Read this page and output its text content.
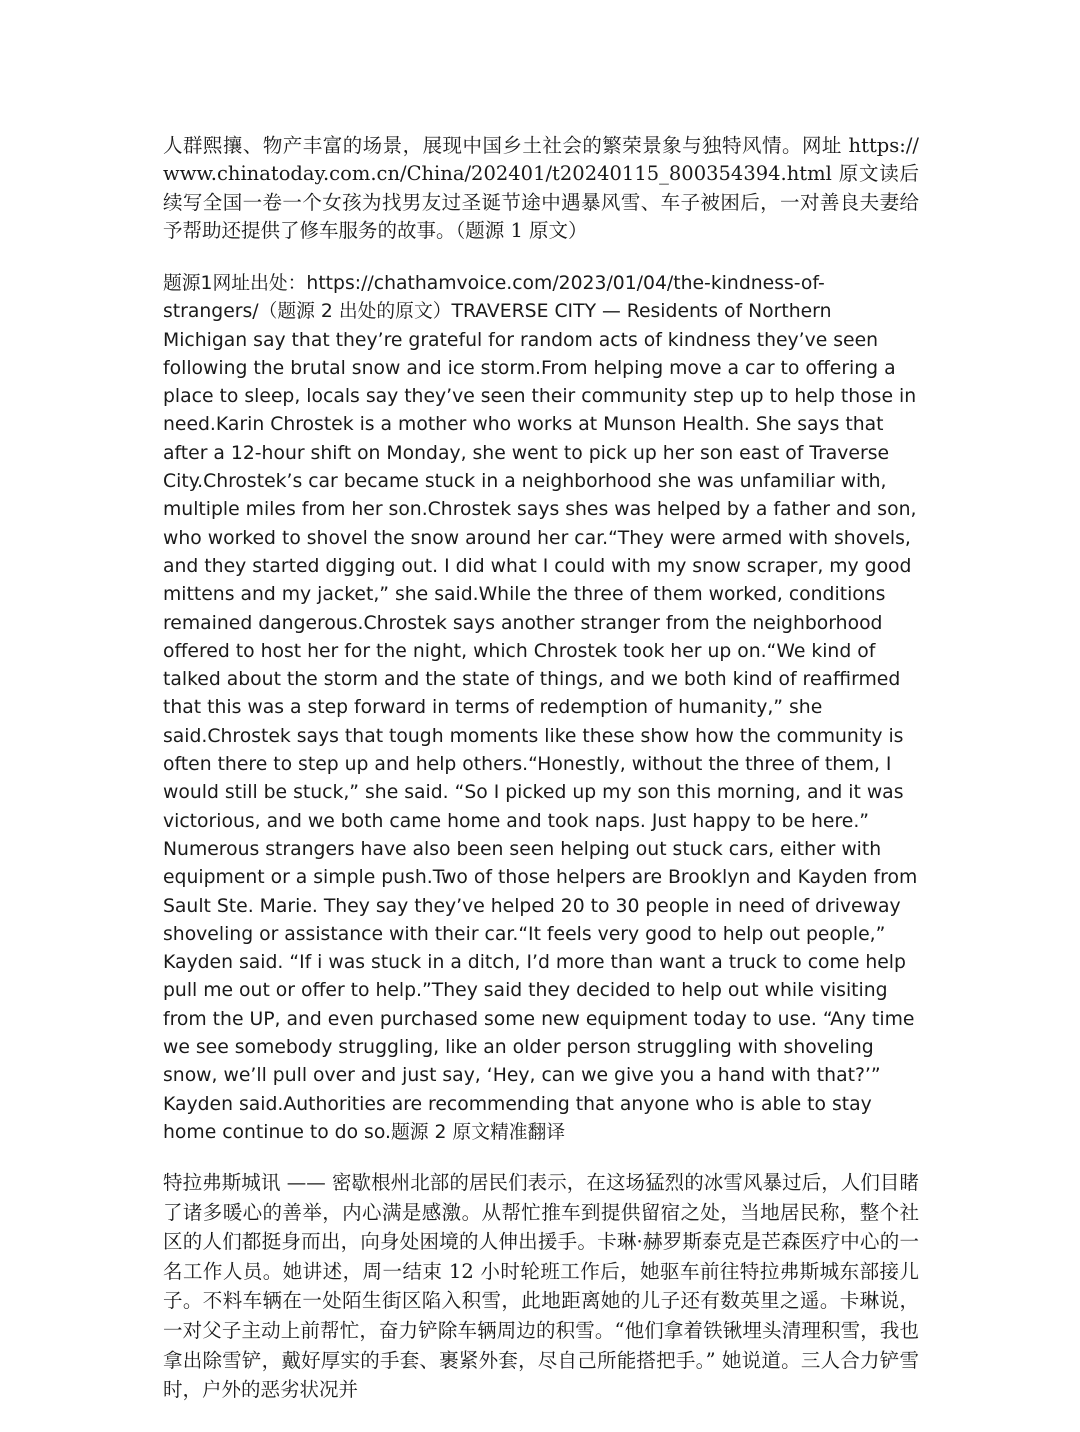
人群熙攘、物产丰富的场景，展现中国乡土社会的繁荣景象与独特风情。网址 https://www.chinatoday.com.cn/China/202401/t20240115_800354394.html 原文读后续写全国一卷一个女孩为找男友过圣诞节途中遇暴风雪、车子被困后，一对善良夫妻给予帮助还提供了修车服务的故事。（题源 1 原文）

题源1网址出处：https://chathamvoice.com/2023/01/04/the-kindness-of-strangers/（题源 2 出处的原文）TRAVERSE CITY — Residents of Northern Michigan say that they’re grateful for random acts of kindness they’ve seen following the brutal snow and ice storm.From helping move a car to offering a place to sleep, locals say they’ve seen their community step up to help those in need.Karin Chrostek is a mother who works at Munson Health. She says that after a 12-hour shift on Monday, she went to pick up her son east of Traverse City.Chrostek’s car became stuck in a neighborhood she was unfamiliar with, multiple miles from her son.Chrostek says shes was helped by a father and son, who worked to shovel the snow around her car.“They were armed with shovels, and they started digging out. I did what I could with my snow scraper, my good mittens and my jacket,” she said.While the three of them worked, conditions remained dangerous.Chrostek says another stranger from the neighborhood offered to host her for the night, which Chrostek took her up on.“We kind of talked about the storm and the state of things, and we both kind of reaffirmed that this was a step forward in terms of redemption of humanity,” she said.Chrostek says that tough moments like these show how the community is often there to step up and help others.“Honestly, without the three of them, I would still be stuck,” she said. “So I picked up my son this morning, and it was victorious, and we both came home and took naps. Just happy to be here.” Numerous strangers have also been seen helping out stuck cars, either with equipment or a simple push.Two of those helpers are Brooklyn and Kayden from Sault Ste. Marie. They say they’ve helped 20 to 30 people in need of driveway shoveling or assistance with their car.“It feels very good to help out people,” Kayden said. “If i was stuck in a ditch, I’d more than want a truck to come help pull me out or offer to help.”They said they decided to help out while visiting from the UP, and even purchased some new equipment today to use. “Any time we see somebody struggling, like an older person struggling with shoveling snow, we’ll pull over and just say, ‘Hey, can we give you a hand with that?’” Kayden said.Authorities are recommending that anyone who is able to stay home continue to do so.题源 2 原文精准翻译

特拉弗斯城讯 —— 密歇根州北部的居民们表示，在这场猛烈的冰雪风暴过后，人们目睹了诸多暖心的善举，内心满是感激。从帮忙推车到提供留宿之处，当地居民称，整个社区的人们都挺身而出，向身处困境的人伸出援手。卡琳·赫罗斯泰克是芒森医疗中心的一名工作人员。她讲述，周一结束 12 小时轮班工作后，她驱车前往特拉弗斯城东部接儿子。不料车辆在一处陌生街区陷入积雪，此地距离她的儿子还有数英里之遥。卡琳说，一对父子主动上前帮忙，奋力铲除车辆周边的积雪。“他们拿着铁锹埋头清理积雪，我也拿出除雪铲，戴好厚实的手套、裹紧外套，尽自己所能搭把手。” 她说道。三人合力铲雪时，户外的恶劣状况并
